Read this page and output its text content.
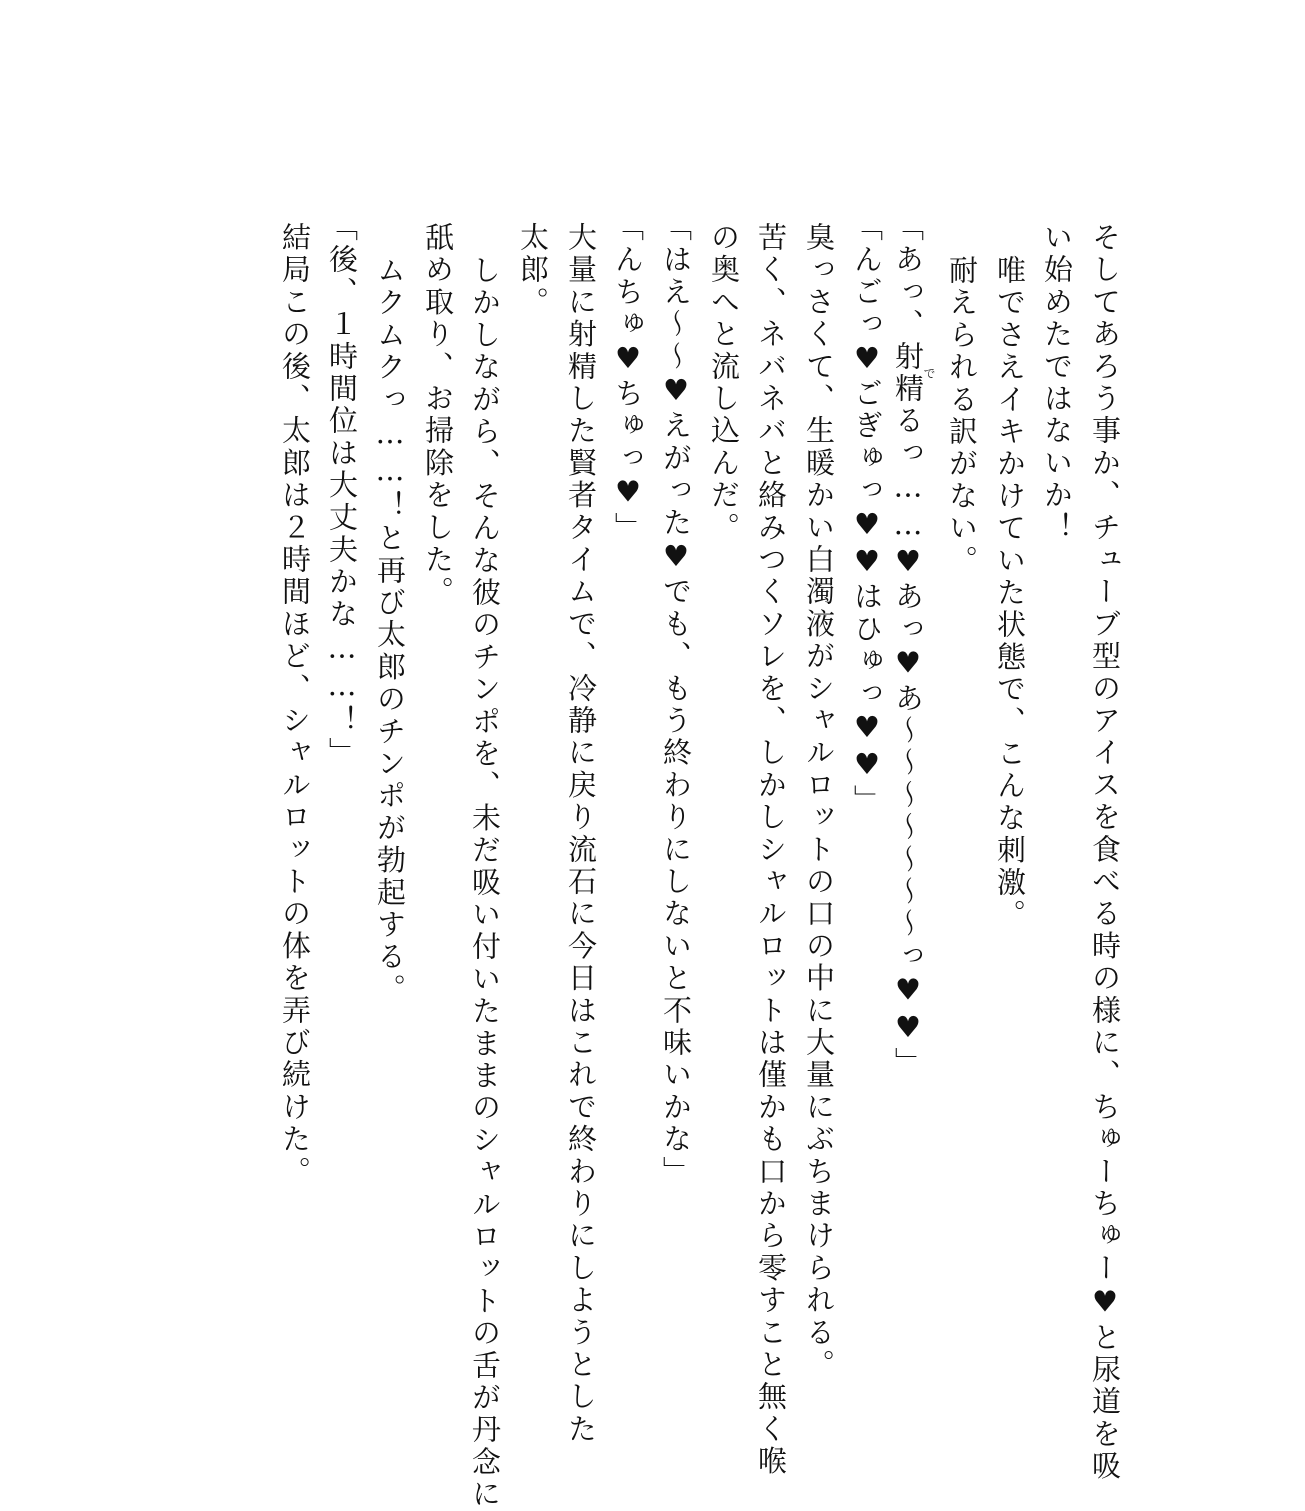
そしてあろう事か、チューブ型のアイスを食べる時の様に、ちゅーちゅー♥と尿道を吸
い始めたではないか！
唯でさえイキかけていた状態で、こんな刺激。
耐えられる訳がない。
「あっ、射精でるっ……♥あっ♥あ〜〜〜〜〜〜〜っ♥♥」
「んごっ♥ごぎゅっ♥♥はひゅっ♥♥」
臭っさくて、生暖かい白濁液がシャルロットの口の中に大量にぶちまけられる。
苦く、ネバネバと絡みつくソレを、しかしシャルロットは僅かも口から零すこと無く喉
の奥へと流し込んだ。
「はえ〜〜♥えがった♥でも、もう終わりにしないと不味いかな」
「んちゅ♥ちゅっ♥」
大量に射精した賢者タイムで、冷静に戻り流石に今日はこれで終わりにしようとした
太郎。
しかしながら、そんな彼のチンポを、未だ吸い付いたままのシャルロットの舌が丹念に
舐め取り、お掃除をした。
ムクムクっ……！と再び太郎のチンポが勃起する。
「後、１時間位は大丈夫かな……！」
結局この後、太郎は２時間ほど、シャルロットの体を弄び続けた。
